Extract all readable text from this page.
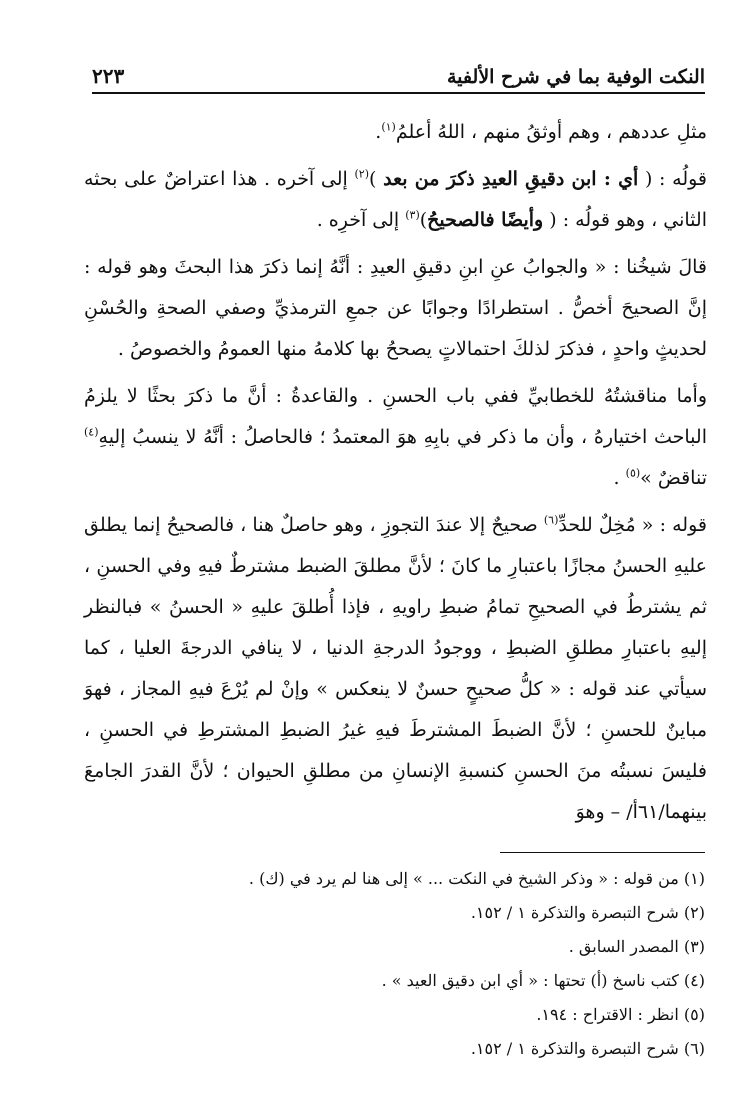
النكت الوفية بما في شرح الألفية
٢٢٣

مثلِ عددهم ، وهم أوثقُ منهم ، اللهُ أعلمُ$^{(١)}$.

قولُه : ( أي : ابن دقيقِ العيدِ ذكرَ من بعد )$^{(٢)}$ إلى آخره . هذا اعتراضٌ على بحثه الثاني ، وهو قولُه : ( وأيضًا فالصحيحُ)$^{(٣)}$ إلى آخرِه .

قالَ شيخُنا : « والجوابُ عنِ ابنِ دقيقِ العيدِ : أنَّهُ إنما ذكرَ هذا البحثَ وهو قوله : إنَّ الصحيحَ أخصُّ . استطرادًا وجوابًا عن جمعِ الترمذيِّ وصفي الصحةِ والحُسْنِ لحديثٍ واحدٍ ، فذكرَ لذلكَ احتمالاتٍ يصححُ بها كلامهُ منها العمومُ والخصوصُ .

وأما مناقشتُهُ للخطابيِّ ففي باب الحسنِ . والقاعدةُ : أنَّ ما ذكرَ بحثًا لا يلزمُ الباحث اختيارهُ ، وأن ما ذكر في بابِهِ هوَ المعتمدُ ؛ فالحاصلُ : أنَّهُ لا ينسبُ إليهِ$^{(٤)}$ تناقضٌ »$^{(٥)}$ .

قوله : « مُخِلٌ للحدِّ$^{(٦)}$ صحيحٌ إلا عندَ التجوزِ ، وهو حاصلٌ هنا ، فالصحيحُ إنما يطلق عليهِ الحسنُ مجازًا باعتبارِ ما كانَ ؛ لأنَّ مطلقَ الضبط مشترطٌ فيهِ وفي الحسنِ ، ثم يشترطُ في الصحيحِ تمامُ ضبطِ راويهِ ، فإذا أُطلقَ عليهِ « الحسنُ » فبالنظر إليهِ باعتبارِ مطلقِ الضبطِ ، ووجودُ الدرجةِ الدنيا ، لا ينافي الدرجةَ العليا ، كما سيأتي عند قوله : « كلُّ صحيحٍ حسنٌ لا ينعكس » وإنْ لم يُرْعَ فيهِ المجاز ، فهوَ مباينٌ للحسنِ ؛ لأنَّ الضبطَ المشترطَ فيهِ غيرُ الضبطِ المشترطِ في الحسنِ ، فليسَ نسبتُه منَ الحسنِ كنسبةِ الإنسانِ من مطلقِ الحيوان ؛ لأنَّ القدرَ الجامعَ بينهما/٦١أ/ – وهوَ

(١) من قوله : « وذكر الشيخ في النكت ... » إلى هنا لم يرد في (ك) .

(٢) شرح التبصرة والتذكرة ١ / ١٥٢.

(٣) المصدر السابق .

(٤) كتب ناسخ (أ) تحتها : « أي ابن دقيق العيد » .

(٥) انظر : الاقتراح : ١٩٤.

(٦) شرح التبصرة والتذكرة ١ / ١٥٢.
